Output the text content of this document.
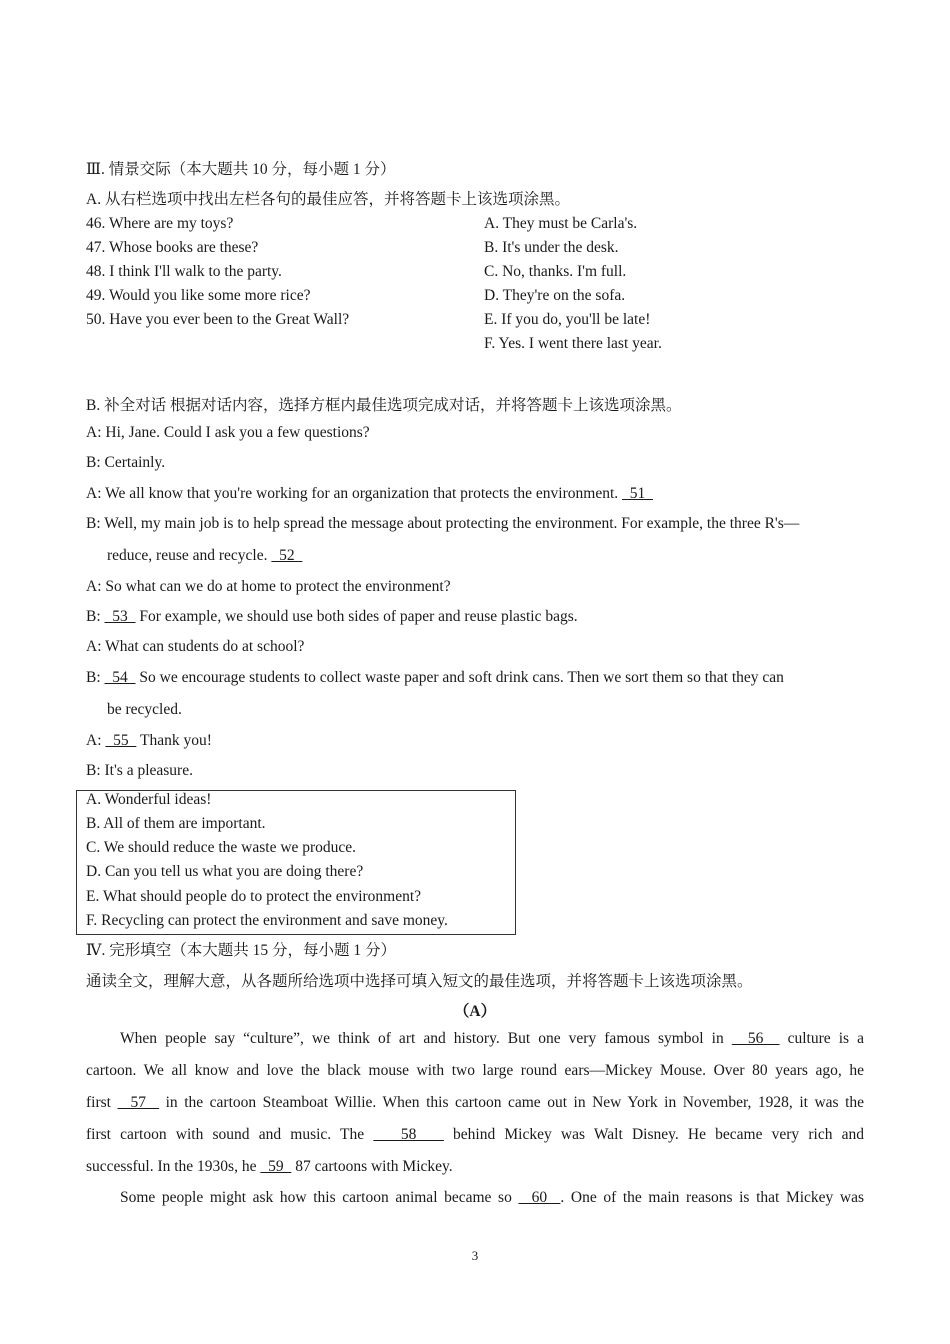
Ⅲ. 情景交际（本大题共 10 分，每小题 1 分）
A. 从右栏选项中找出左栏各句的最佳应答，并将答题卡上该选项涂黑。
46. Where are my toys?	A. They must be Carla's.
47. Whose books are these?	B. It's under the desk.
48. I think I'll walk to the party.	C. No, thanks. I'm full.
49. Would you like some more rice?	D. They're on the sofa.
50. Have you ever been to the Great Wall?	E. If you do, you'll be late!
F. Yes. I went there last year.
B. 补全对话 根据对话内容，选择方框内最佳选项完成对话，并将答题卡上该选项涂黑。
A: Hi, Jane. Could I ask you a few questions?
B: Certainly.
A: We all know that you're working for an organization that protects the environment.   51
B: Well, my main job is to help spread the message about protecting the environment. For example, the three R's—
reduce, reuse and recycle.   52
A: So what can we do at home to protect the environment?
B:   53   For example, we should use both sides of paper and reuse plastic bags.
A: What can students do at school?
B:   54   So we encourage students to collect waste paper and soft drink cans. Then we sort them so that they can
be recycled.
A:   55   Thank you!
B: It's a pleasure.
A. Wonderful ideas!
B. All of them are important.
C. We should reduce the waste we produce.
D. Can you tell us what you are doing there?
E. What should people do to protect the environment?
F. Recycling can protect the environment and save money.
Ⅳ. 完形填空（本大题共 15 分，每小题 1 分）
通读全文，理解大意，从各题所给选项中选择可填入短文的最佳选项，并将答题卡上该选项涂黑。
（A）
When people say “culture”, we think of art and history. But one very famous symbol in   56   culture is a
cartoon. We all know and love the black mouse with two large round ears—Mickey Mouse. Over 80 years ago, he
first   57   in the cartoon Steamboat Willie. When this cartoon came out in New York in November, 1928, it was the
first cartoon with sound and music. The    58    behind Mickey was Walt Disney. He became very rich and
successful. In the 1930s, he   59   87 cartoons with Mickey.
Some people might ask how this cartoon animal became so   60  . One of the main reasons is that Mickey was
3
